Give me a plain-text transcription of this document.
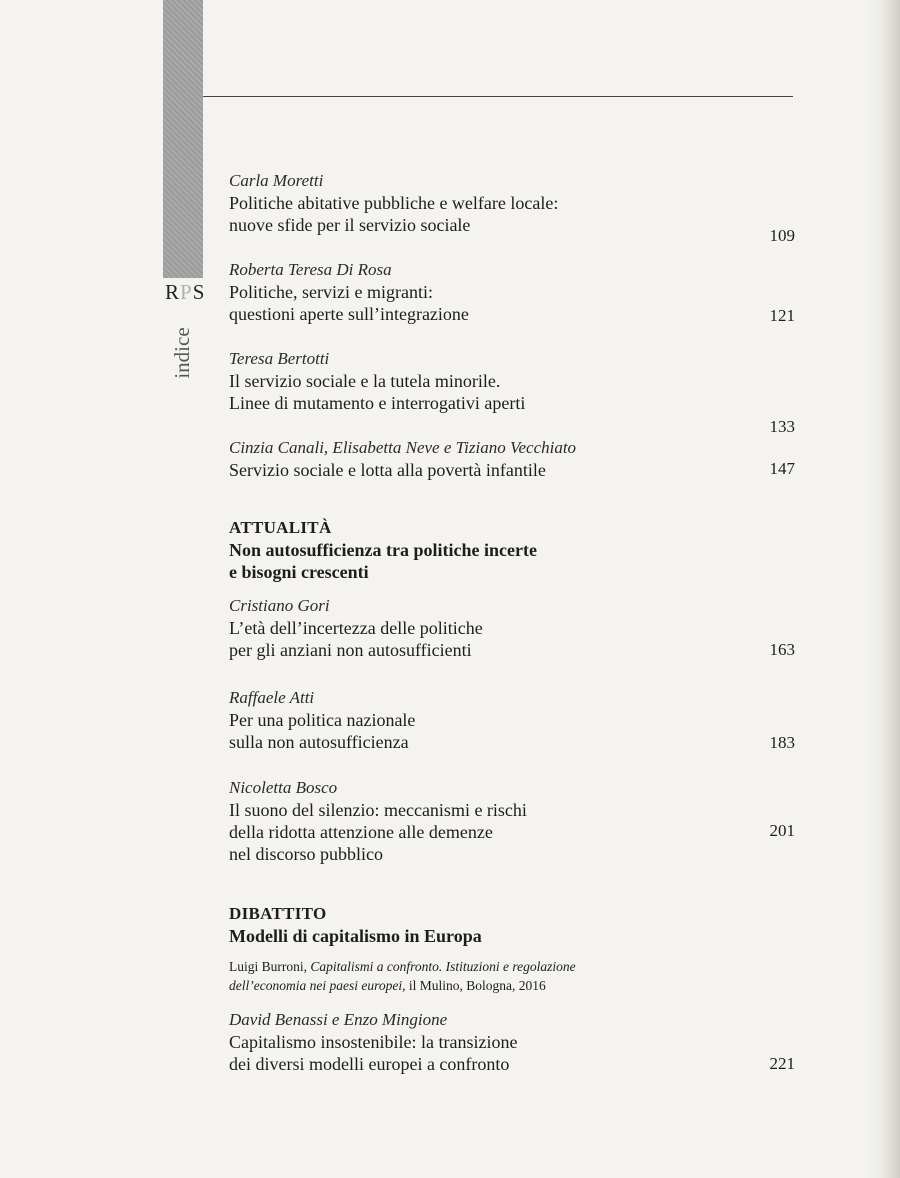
RPS
indice
Carla Moretti
Politiche abitative pubbliche e welfare locale:
nuove sfide per il servizio sociale
109
Roberta Teresa Di Rosa
Politiche, servizi e migranti:
questioni aperte sull’integrazione	121
Teresa Bertotti
Il servizio sociale e la tutela minorile.
Linee di mutamento e interrogativi aperti
133
Cinzia Canali, Elisabetta Neve e Tiziano Vecchiato
Servizio sociale e lotta alla povertà infantile	147
ATTUALITÀ
Non autosufficienza tra politiche incerte
e bisogni crescenti
Cristiano Gori
L’età dell’incertezza delle politiche
per gli anziani non autosufficienti	163
Raffaele Atti
Per una politica nazionale
sulla non autosufficienza	183
Nicoletta Bosco
Il suono del silenzio: meccanismi e rischi
della ridotta attenzione alle demenze
nel discorso pubblico
201
DIBATTITO
Modelli di capitalismo in Europa
Luigi Burroni, Capitalismi a confronto. Istituzioni e regolazione
dell’economia nei paesi europei, il Mulino, Bologna, 2016
David Benassi e Enzo Mingione
Capitalismo insostenibile: la transizione
dei diversi modelli europei a confronto	221
